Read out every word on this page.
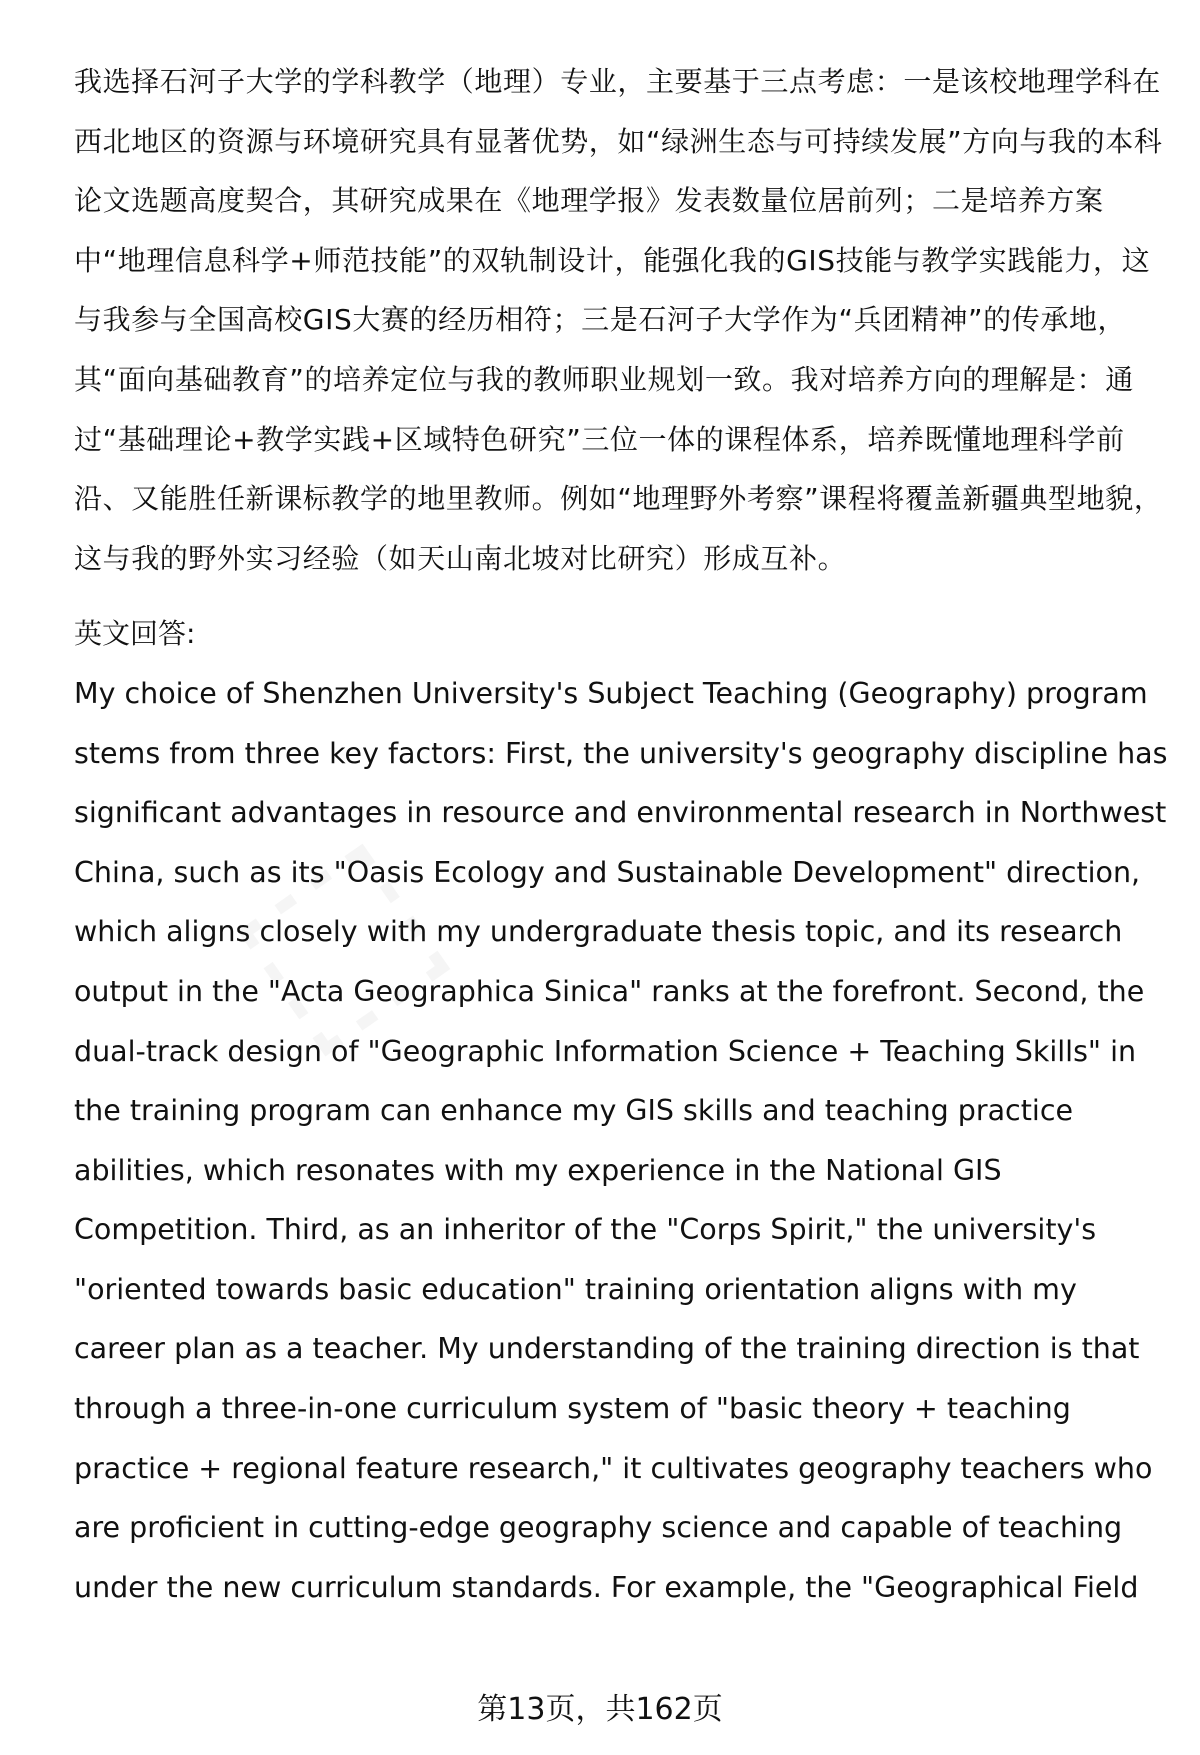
我选择石河子大学的学科教学（地理）专业，主要基于三点考虑：一是该校地理学科在西北地区的资源与环境研究具有显著优势，如“绿洲生态与可持续发展”方向与我的本科论文选题高度契合，其研究成果在《地理学报》发表数量位居前列；二是培养方案中“地理信息科学+师范技能”的双轨制设计，能强化我的GIS技能与教学实践能力，这与我参与全国高校GIS大赛的经历相符；三是石河子大学作为“兵团精神”的传承地，其“面向基础教育”的培养定位与我的教师职业规划一致。我对培养方向的理解是：通过“基础理论+教学实践+区域特色研究”三位一体的课程体系，培养既懂地理科学前沿、又能胜任新课标教学的地里教师。例如“地理野外考察”课程将覆盖新疆典型地貌，这与我的野外实习经验（如天山南北坡对比研究）形成互补。

英文回答:

My choice of Shenzhen University's Subject Teaching (Geography) program stems from three key factors: First, the university's geography discipline has significant advantages in resource and environmental research in Northwest China, such as its "Oasis Ecology and Sustainable Development" direction, which aligns closely with my undergraduate thesis topic, and its research output in the "Acta Geographica Sinica" ranks at the forefront. Second, the dual-track design of "Geographic Information Science + Teaching Skills" in the training program can enhance my GIS skills and teaching practice abilities, which resonates with my experience in the National GIS Competition. Third, as an inheritor of the "Corps Spirit," the university's "oriented towards basic education" training orientation aligns with my career plan as a teacher. My understanding of the training direction is that through a three-in-one curriculum system of "basic theory + teaching practice + regional feature research," it cultivates geography teachers who are proficient in cutting-edge geography science and capable of teaching under the new curriculum standards. For example, the "Geographical Field

第13页，共162页
